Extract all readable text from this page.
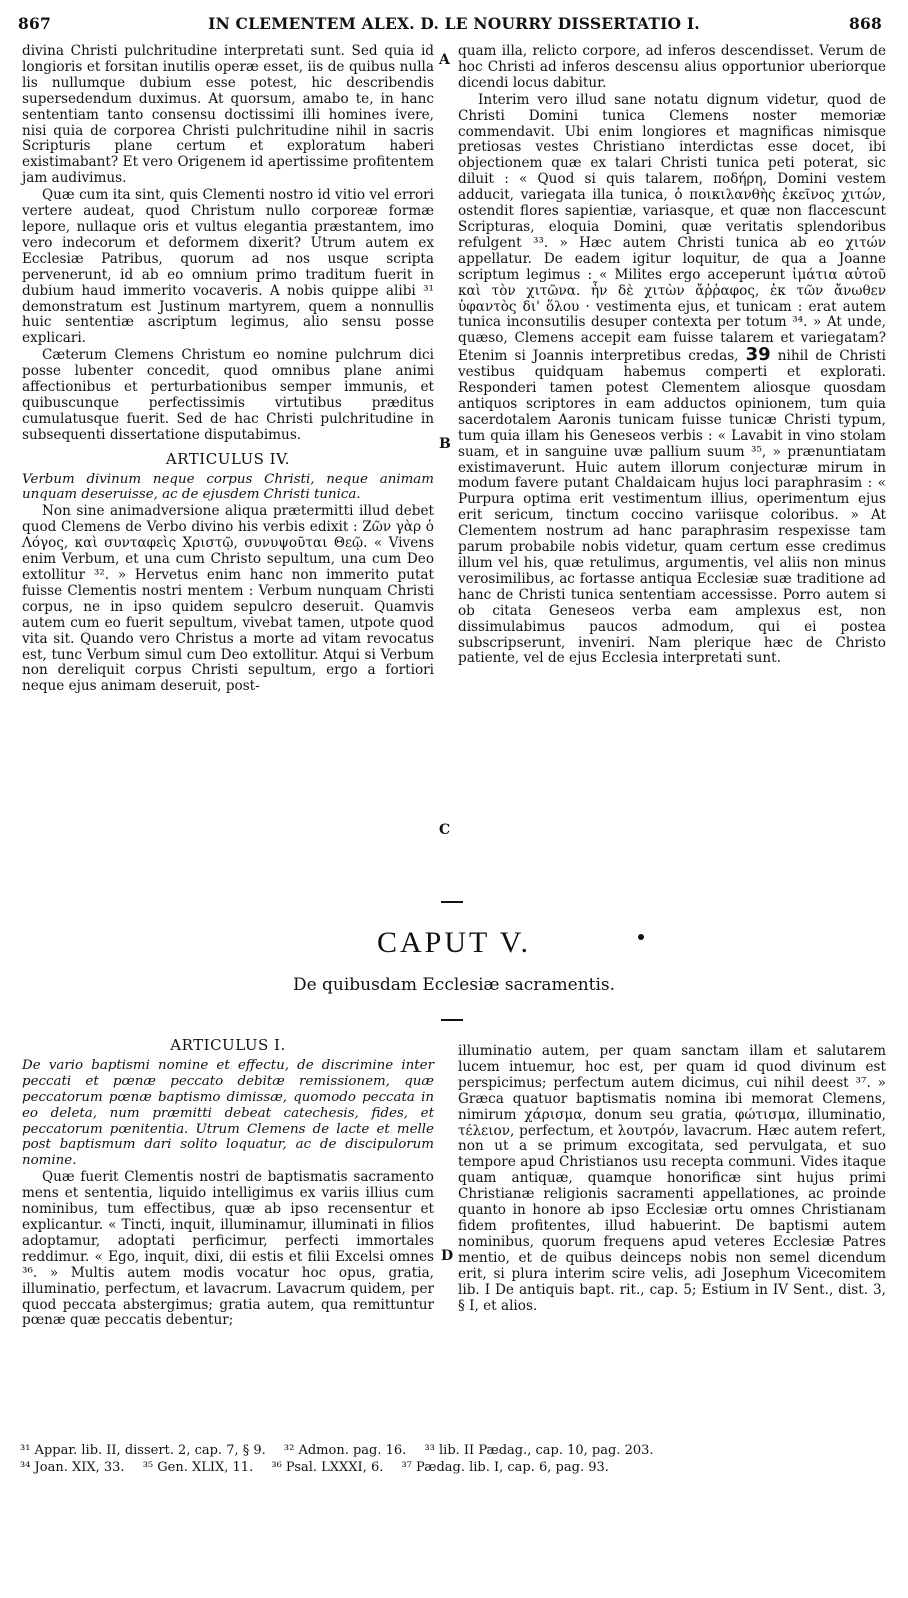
867	IN CLEMENTEM ALEX. D. LE NOURRY DISSERTATIO I.	868
A
B
C
D

divina Christi pulchritudine interpretati sunt. Sed quia id longioris et forsitan inutilis operæ esset, iis de quibus nulla lis nullumque dubium esse potest, hic describendis supersedendum duximus. At quorsum, amabo te, in hanc sententiam tanto consensu doctissimi illi homines ivere, nisi quia de corporea Christi pulchritudine nihil in sacris Scripturis plane certum et exploratum haberi existimabant? Et vero Origenem id apertissime profitentem jam audivimus.

Quæ cum ita sint, quis Clementi nostro id vitio vel errori vertere audeat, quod Christum nullo corporeæ formæ lepore, nullaque oris et vultus elegantia præstantem, imo vero indecorum et deformem dixerit? Utrum autem ex Ecclesiæ Patribus, quorum ad nos usque scripta pervenerunt, id ab eo omnium primo traditum fuerit in dubium haud immerito vocaveris. A nobis quippe alibi ³¹ demonstratum est Justinum martyrem, quem a nonnullis huic sententiæ ascriptum legimus, alio sensu posse explicari.

Cæterum Clemens Christum eo nomine pulchrum dici posse lubenter concedit, quod omnibus plane animi affectionibus et perturbationibus semper immunis, et quibuscunque perfectissimis virtutibus præditus cumulatusque fuerit. Sed de hac Christi pulchritudine in subsequenti dissertatione disputabimus.

ARTICULUS IV.

Verbum divinum neque corpus Christi, neque animam unquam deseruisse, ac de ejusdem Christi tunica.

Non sine animadversione aliqua prætermitti illud debet quod Clemens de Verbo divino his verbis edixit : Ζῶν γὰρ ὁ Λόγος, καὶ συνταφεὶς Χριστῷ, συνυψοῦται Θεῷ. « Vivens enim Verbum, et una cum Christo sepultum, una cum Deo extollitur ³². » Hervetus enim hanc non immerito putat fuisse Clementis nostri mentem : Verbum nunquam Christi corpus, ne in ipso quidem sepulcro deseruit. Quamvis autem cum eo fuerit sepultum, vivebat tamen, utpote quod vita sit. Quando vero Christus a morte ad vitam revocatus est, tunc Verbum simul cum Deo extollitur. Atqui si Verbum non dereliquit corpus Christi sepultum, ergo a fortiori neque ejus animam deseruit, post-

quam illa, relicto corpore, ad inferos descendisset. Verum de hoc Christi ad inferos descensu alius opportunior uberiorque dicendi locus dabitur.

Interim vero illud sane notatu dignum videtur, quod de Christi Domini tunica Clemens noster memoriæ commendavit. Ubi enim longiores et magnificas nimisque pretiosas vestes Christiano interdictas esse docet, ibi objectionem quæ ex talari Christi tunica peti poterat, sic diluit : « Quod si quis talarem, ποδήρη, Domini vestem adducit, variegata illa tunica, ὁ ποικιλανθὴς ἐκεῖνος χιτών, ostendit flores sapientiæ, variasque, et quæ non flaccescunt Scripturas, eloquia Domini, quæ veritatis splendoribus refulgent ³³. » Hæc autem Christi tunica ab eo χιτών appellatur. De eadem igitur loquitur, de qua a Joanne scriptum legimus : « Milites ergo acceperunt ἱμάτια αὐτοῦ καὶ τὸν χιτῶνα. ἦν δὲ χιτὼν ἄῤῥαφος, ἐκ τῶν ἄνωθεν ὑφαντὸς δι' ὅλου · vestimenta ejus, et tunicam : erat autem tunica inconsutilis desuper contexta per totum ³⁴. » At unde, quæso, Clemens accepit eam fuisse talarem et variegatam? Etenim si Joannis interpretibus credas, 39 nihil de Christi vestibus quidquam habemus comperti et explorati. Responderi tamen potest Clementem aliosque quosdam antiquos scriptores in eam adductos opinionem, tum quia sacerdotalem Aaronis tunicam fuisse tunicæ Christi typum, tum quia illam his Geneseos verbis : « Lavabit in vino stolam suam, et in sanguine uvæ pallium suum ³⁵, » prænuntiatam existimaverunt. Huic autem illorum conjecturæ mirum in modum favere putant Chaldaicam hujus loci paraphrasim : « Purpura optima erit vestimentum illius, operimentum ejus erit sericum, tinctum coccino variisque coloribus. » At Clementem nostrum ad hanc paraphrasim respexisse tam parum probabile nobis videtur, quam certum esse credimus illum vel his, quæ retulimus, argumentis, vel aliis non minus verosimilibus, ac fortasse antiqua Ecclesiæ suæ traditione ad hanc de Christi tunica sententiam accessisse. Porro autem si ob citata Geneseos verba eam amplexus est, non dissimulabimus paucos admodum, qui ei postea subscripserunt, inveniri. Nam plerique hæc de Christo patiente, vel de ejus Ecclesia interpretati sunt.

CAPUT V.
De quibusdam Ecclesiæ sacramentis.
ARTICULUS I.

De vario baptismi nomine et effectu, de discrimine inter peccati et pœnæ peccato debitæ remissionem, quæ peccatorum pœnæ baptismo dimissæ, quomodo peccata in eo deleta, num præmitti debeat catechesis, fides, et peccatorum pœnitentia. Utrum Clemens de lacte et melle post baptismum dari solito loquatur, ac de discipulorum nomine.

Quæ fuerit Clementis nostri de baptismatis sacramento mens et sententia, liquido intelligimus ex variis illius cum nominibus, tum effectibus, quæ ab ipso recensentur et explicantur. « Tincti, inquit, illuminamur, illuminati in filios adoptamur, adoptati perficimur, perfecti immortales reddimur. « Ego, inquit, dixi, dii estis et filii Excelsi omnes ³⁶. » Multis autem modis vocatur hoc opus, gratia, illuminatio, perfectum, et lavacrum. Lavacrum quidem, per quod peccata abstergimus; gratia autem, qua remittuntur pœnæ quæ peccatis debentur;

illuminatio autem, per quam sanctam illam et salutarem lucem intuemur, hoc est, per quam id quod divinum est perspicimus; perfectum autem dicimus, cui nihil deest ³⁷. » Græca quatuor baptismatis nomina ibi memorat Clemens, nimirum χάρισμα, donum seu gratia, φώτισμα, illuminatio, τέλειον, perfectum, et λουτρόν, lavacrum. Hæc autem refert, non ut a se primum excogitata, sed pervulgata, et suo tempore apud Christianos usu recepta communi. Vides itaque quam antiquæ, quamque honorificæ sint hujus primi Christianæ religionis sacramenti appellationes, ac proinde quanto in honore ab ipso Ecclesiæ ortu omnes Christianam fidem profitentes, illud habuerint. De baptismi autem nominibus, quorum frequens apud veteres Ecclesiæ Patres mentio, et de quibus deinceps nobis non semel dicendum erit, si plura interim scire velis, adi Josephum Vicecomitem lib. I De antiquis bapt. rit., cap. 5; Estium in IV Sent., dist. 3, § I, et alios.

³¹ Appar. lib. II, dissert. 2, cap. 7, § 9. ³² Admon. pag. 16. ³³ lib. II Pædag., cap. 10, pag. 203.
³⁴ Joan. XIX, 33. ³⁵ Gen. XLIX, 11. ³⁶ Psal. LXXXI, 6. ³⁷ Pædag. lib. I, cap. 6, pag. 93.
